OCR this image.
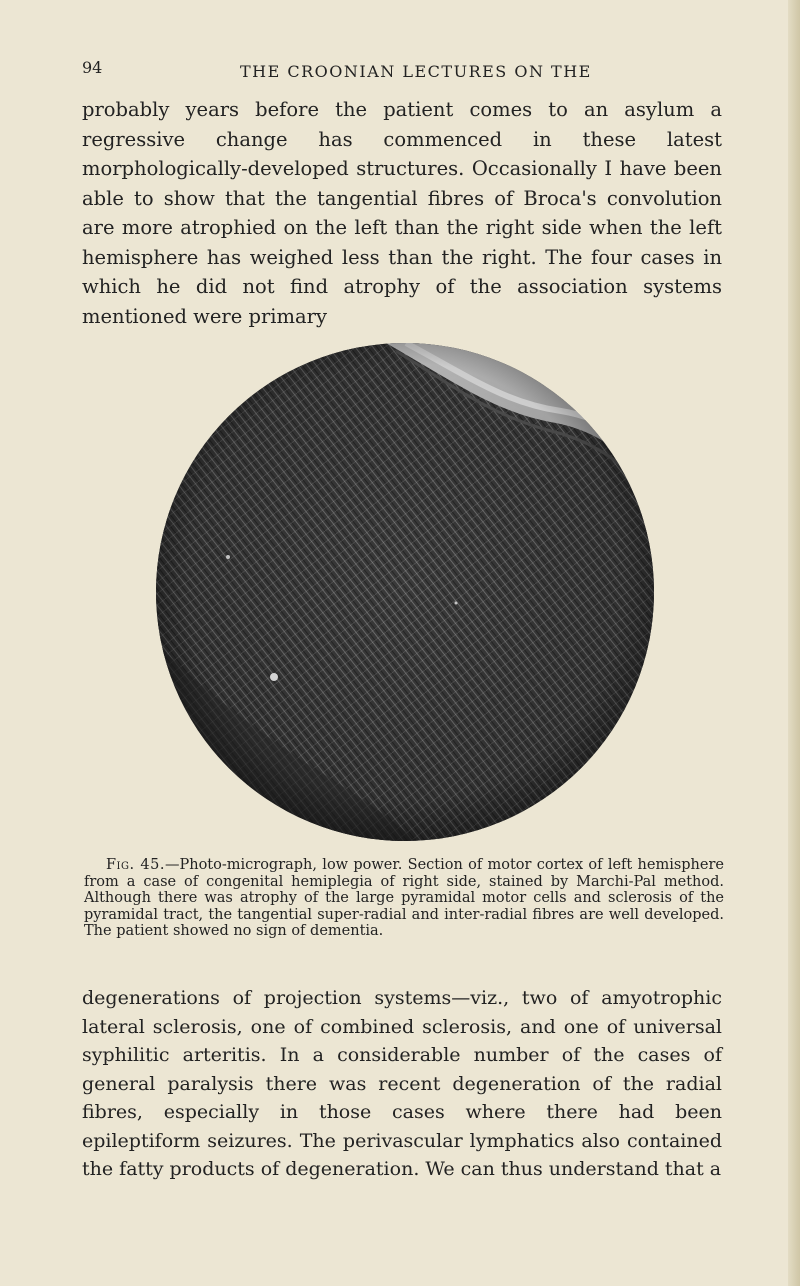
94	THE CROONIAN LECTURES ON THE

probably years before the patient comes to an asylum a regressive change has commenced in these latest morphologically-developed structures. Occasionally I have been able to show that the tangential fibres of Broca's convolution are more atrophied on the left than the right side when the left hemisphere has weighed less than the right. The four cases in which he did not find atrophy of the association systems mentioned were primary

Fig. 45.—Photo-micrograph, low power. Section of motor cortex of left hemisphere from a case of congenital hemiplegia of right side, stained by Marchi-Pal method. Although there was atrophy of the large pyramidal motor cells and sclerosis of the pyramidal tract, the tangential super-radial and inter-radial fibres are well developed. The patient showed no sign of dementia.

degenerations of projection systems—viz., two of amyotrophic lateral sclerosis, one of combined sclerosis, and one of universal syphilitic arteritis. In a considerable number of the cases of general paralysis there was recent degeneration of the radial fibres, especially in those cases where there had been epileptiform seizures. The perivascular lymphatics also contained the fatty products of degeneration. We can thus understand that a
